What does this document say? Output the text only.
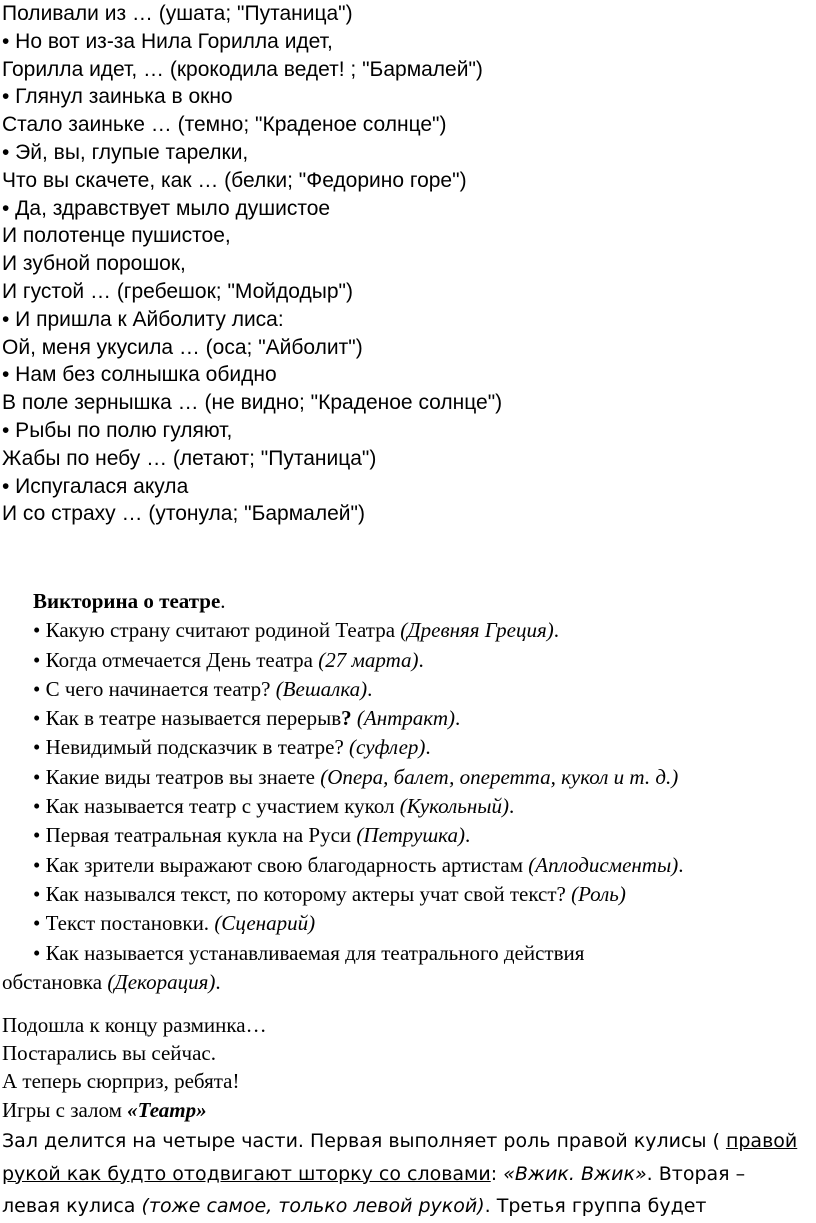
Поливали из … (ушата; "Путаница")
• Но вот из-за Нила Горилла идет,
Горилла идет, … (крокодила ведет! ; "Бармалей")
• Глянул заинька в окно
Стало заиньке … (темно; "Краденое солнце")
• Эй, вы, глупые тарелки,
Что вы скачете, как … (белки; "Федорино горе")
• Да, здравствует мыло душистое
И полотенце пушистое,
И зубной порошок,
И густой … (гребешок; "Мойдодыр")
• И пришла к Айболиту лиса:
Ой, меня укусила … (оса; "Айболит")
• Нам без солнышка обидно
В поле зернышка … (не видно; "Краденое солнце")
• Рыбы по полю гуляют,
Жабы по небу … (летают; "Путаница")
• Испугалася акула
И со страху … (утонула; "Бармалей")
Викторина о театре.
• Какую страну считают родиной Театра (Древняя Греция).
• Когда отмечается День театра (27 марта).
• С чего начинается театр? (Вешалка).
• Как в театре называется перерыв? (Антракт).
• Невидимый подсказчик в театре? (суфлер).
• Какие виды театров вы знаете (Опера, балет, оперетта, кукол и т. д.)
• Как называется театр с участием кукол (Кукольный).
• Первая театральная кукла на Руси (Петрушка).
• Как зрители выражают свою благодарность артистам (Аплодисменты).
• Как назывался текст, по которому актеры учат свой текст? (Роль)
• Текст постановки. (Сценарий)
• Как называется устанавливаемая для театрального действия
обстановка (Декорация).
Подошла к концу разминка…
Постарались вы сейчас.
А теперь сюрприз, ребята!
Игры с залом «Театр»
Зал делится на четыре части. Первая выполняет роль правой кулисы ( правой
рукой как будто отодвигают шторку со словами: «Вжик. Вжик». Вторая –
левая кулиса (тоже самое, только левой рукой). Третья группа будет
